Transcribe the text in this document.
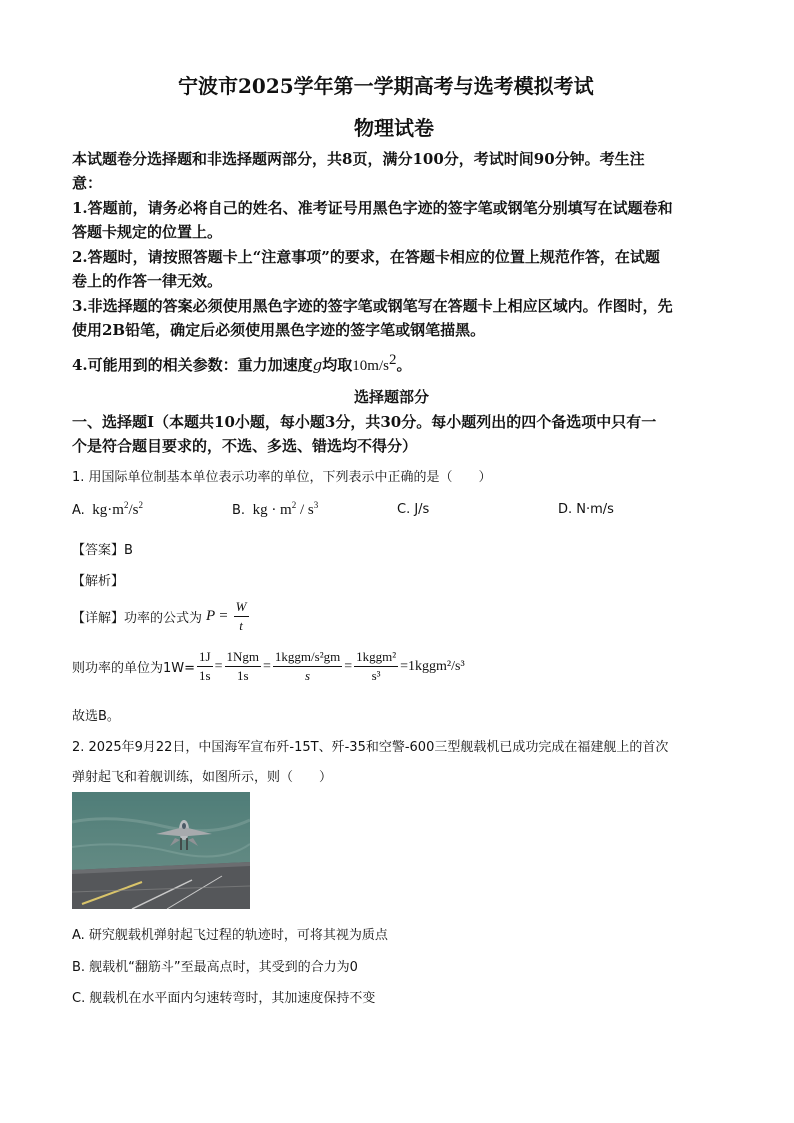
宁波市2025学年第一学期高考与选考模拟考试
物理试卷
本试题卷分选择题和非选择题两部分，共8页，满分100分，考试时间90分钟。考生注
意：
1.答题前，请务必将自己的姓名、准考证号用黑色字迹的签字笔或钢笔分别填写在试题卷和
答题卡规定的位置上。
2.答题时，请按照答题卡上“注意事项”的要求，在答题卡相应的位置上规范作答，在试题
卷上的作答一律无效。
3.非选择题的答案必须使用黑色字迹的签字笔或钢笔写在答题卡上相应区域内。作图时，先
使用2B铅笔，确定后必须使用黑色字迹的签字笔或钢笔描黑。
4.可能用到的相关参数：重力加速度g均取$10m/s^2$。
选择题部分
一、选择题Ⅰ（本题共10小题，每小题3分，共30分。每小题列出的四个备选项中只有一
个是符合题目要求的，不选、多选、错选均不得分）
1. 用国际单位制基本单位表示功率的单位，下列表示中正确的是（　　）
A. $kg\cdot m^2/s^2$	B. kg · $m^2 / s^3$	C. J/s	D. N·m/s
【答案】B
【解析】
【详解】 功率的公式为 $P = \frac{W}{t}$
则功率的单位为$1W= \frac{1J}{1s} = \frac{\text{1Ngm}}{1s} = \frac{\text{1kggm/s²gm}}{s} = \frac{\text{1kggm²}}{\text{s³}}$ =1kggm²/s³
故选B。
2. 2025年9月22日，中国海军宣布歼-15T、歼-35和空警-600三型舰载机已成功完成在福建舰上的首次
弹射起飞和着舰训练，如图所示，则（　　）
A. 研究舰载机弹射起飞过程的轨迹时，可将其视为质点
B. 舰载机“翻筋斗”至最高点时，其受到的合力为0
C. 舰载机在水平面内匀速转弯时，其加速度保持不变
